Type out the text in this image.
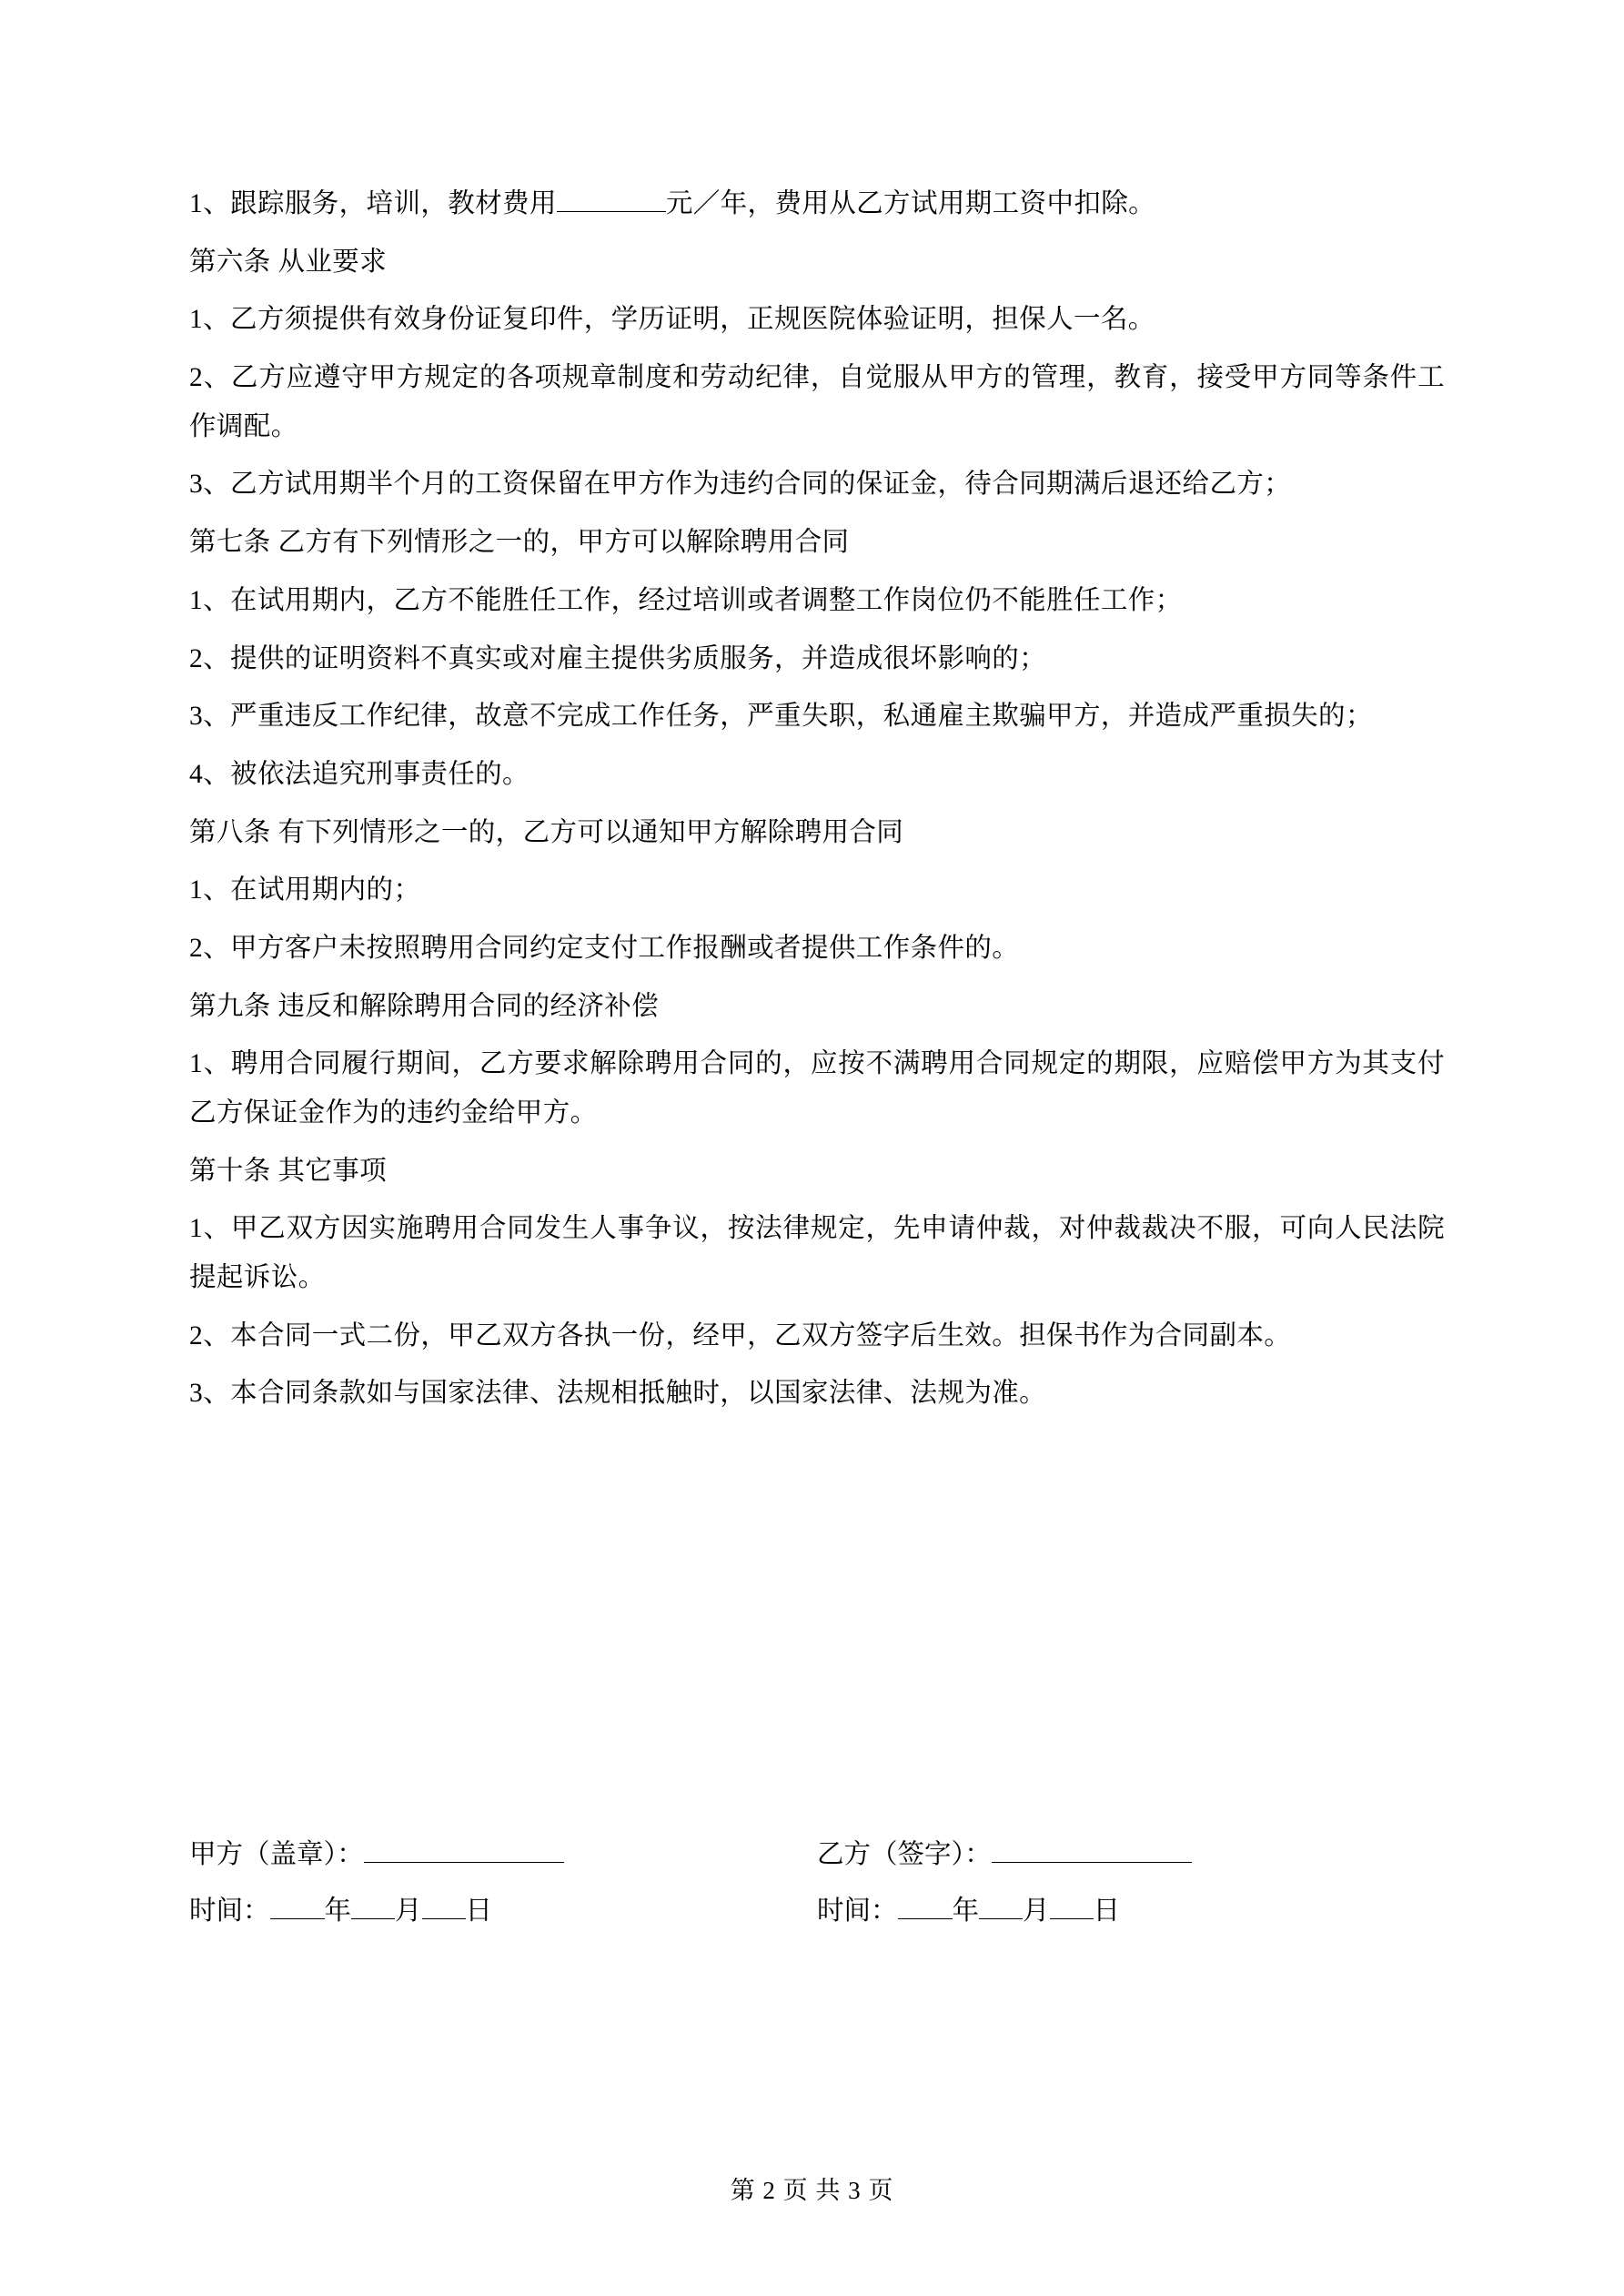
1、跟踪服务，培训，教材费用	元／年，费用从乙方试用期工资中扣除。

第六条 从业要求

1、乙方须提供有效身份证复印件，学历证明，正规医院体验证明，担保人一名。

2、乙方应遵守甲方规定的各项规章制度和劳动纪律，自觉服从甲方的管理，教育，接受甲方同等条件工作调配。

3、乙方试用期半个月的工资保留在甲方作为违约合同的保证金，待合同期满后退还给乙方；

第七条 乙方有下列情形之一的，甲方可以解除聘用合同

1、在试用期内，乙方不能胜任工作，经过培训或者调整工作岗位仍不能胜任工作；

2、提供的证明资料不真实或对雇主提供劣质服务，并造成很坏影响的；

3、严重违反工作纪律，故意不完成工作任务，严重失职，私通雇主欺骗甲方，并造成严重损失的；

4、被依法追究刑事责任的。

第八条 有下列情形之一的，乙方可以通知甲方解除聘用合同

1、在试用期内的；

2、甲方客户未按照聘用合同约定支付工作报酬或者提供工作条件的。

第九条 违反和解除聘用合同的经济补偿

1、聘用合同履行期间，乙方要求解除聘用合同的，应按不满聘用合同规定的期限，应赔偿甲方为其支付乙方保证金作为的违约金给甲方。

第十条 其它事项

1、甲乙双方因实施聘用合同发生人事争议，按法律规定，先申请仲裁，对仲裁裁决不服，可向人民法院提起诉讼。

2、本合同一式二份，甲乙双方各执一份，经甲，乙双方签字后生效。担保书作为合同副本。

3、本合同条款如与国家法律、法规相抵触时，以国家法律、法规为准。

甲方（盖章）：	乙方（签字）：
时间： 年 月 日	时间： 年 月 日
第 2 页 共 3 页
